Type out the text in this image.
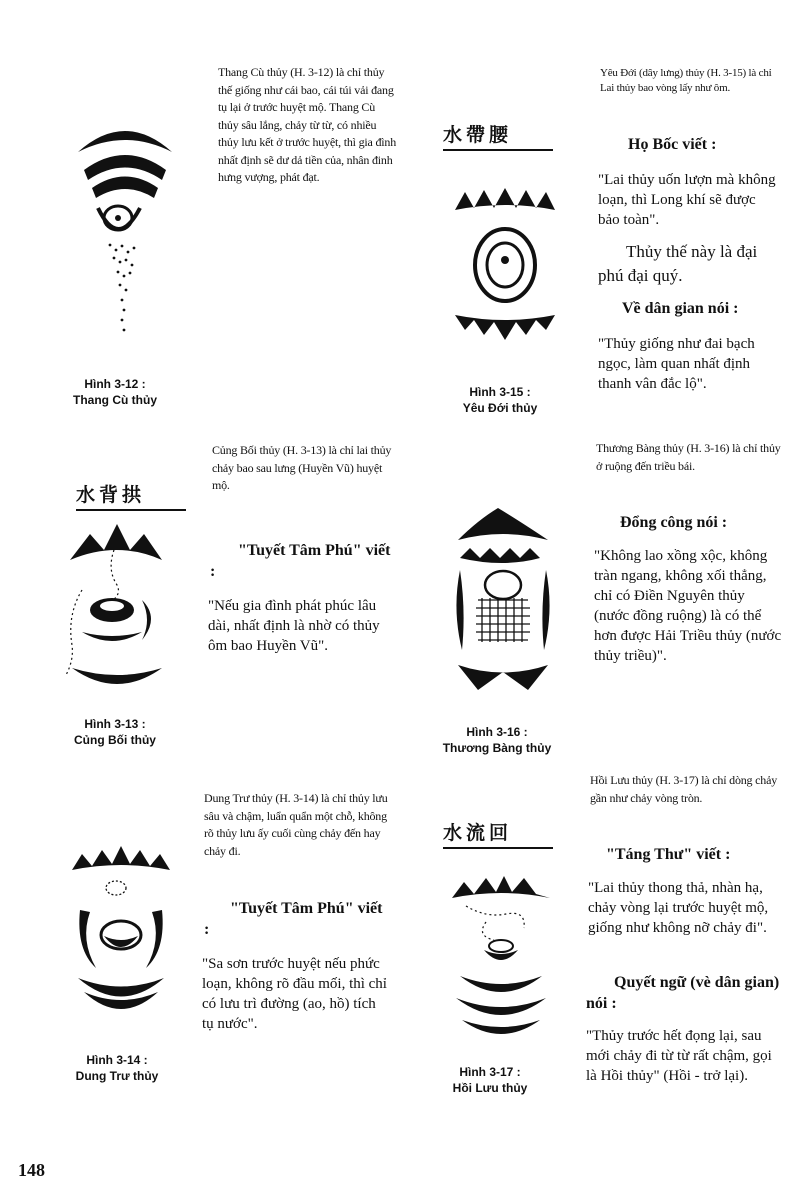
Hình 3-12 :
Thang Cù thủy
Thang Cù thủy (H. 3-12) là chỉ thủy thế giống như cái bao, cái túi vải đang tụ lại ở trước huyệt mộ. Thang Cù thủy sâu lắng, chảy từ từ, có nhiều thủy lưu kết ở trước huyệt, thì gia đình nhất định sẽ dư dả tiền của, nhân đinh hưng vượng, phát đạt.
水帶腰
Hình 3-15 :
Yêu Đới thủy
Yêu Đới (dây lưng) thủy (H. 3-15) là chỉ Lai thủy bao vòng lấy như ôm.
Họ Bốc viết :
"Lai thủy uốn lượn mà không loạn, thì Long khí sẽ được bảo toàn".
Thủy thế này là đại phú đại quý.
Về dân gian nói :
"Thủy giống như đai bạch ngọc, làm quan nhất định thanh vân đắc lộ".
水背拱
Hình 3-13 :
Củng Bối thủy
Củng Bối thủy (H. 3-13) là chỉ lai thủy chảy bao sau lưng (Huyền Vũ) huyệt mộ.
"Tuyết Tâm Phú" viết :
"Nếu gia đình phát phúc lâu dài, nhất định là nhờ có thủy ôm bao Huyền Vũ".
Hình 3-16 :
Thương Bàng thủy
Thương Bàng thủy (H. 3-16) là chỉ thủy ở ruộng đến triều bái.
Đổng công nói :
"Không lao xồng xộc, không tràn ngang, không xối thẳng, chỉ có Điền Nguyên thủy (nước đồng ruộng) là có thể hơn được Hải Triều thủy (nước thủy triều)".
Hình 3-14 :
Dung Trư thủy
Dung Trư thủy (H. 3-14) là chỉ thủy lưu sâu và chậm, luẩn quẩn một chỗ, không rõ thủy lưu ấy cuối cùng chảy đến hay chảy đi.
"Tuyết Tâm Phú" viết :
"Sa sơn trước huyệt nếu phức loạn, không rõ đầu mối, thì chỉ có lưu trì đường (ao, hồ) tích tụ nước".
水流回
Hình 3-17 :
Hồi Lưu thủy
Hồi Lưu thủy (H. 3-17) là chỉ dòng chảy gần như chảy vòng tròn.
"Táng Thư" viết :
"Lai thủy thong thả, nhàn hạ, chảy vòng lại trước huyệt mộ, giống như không nỡ chảy đi".
Quyết ngữ (vè dân gian) nói :
"Thủy trước hết đọng lại, sau mới chảy đi từ từ rất chậm, gọi là Hồi thủy" (Hồi - trở lại).
148
